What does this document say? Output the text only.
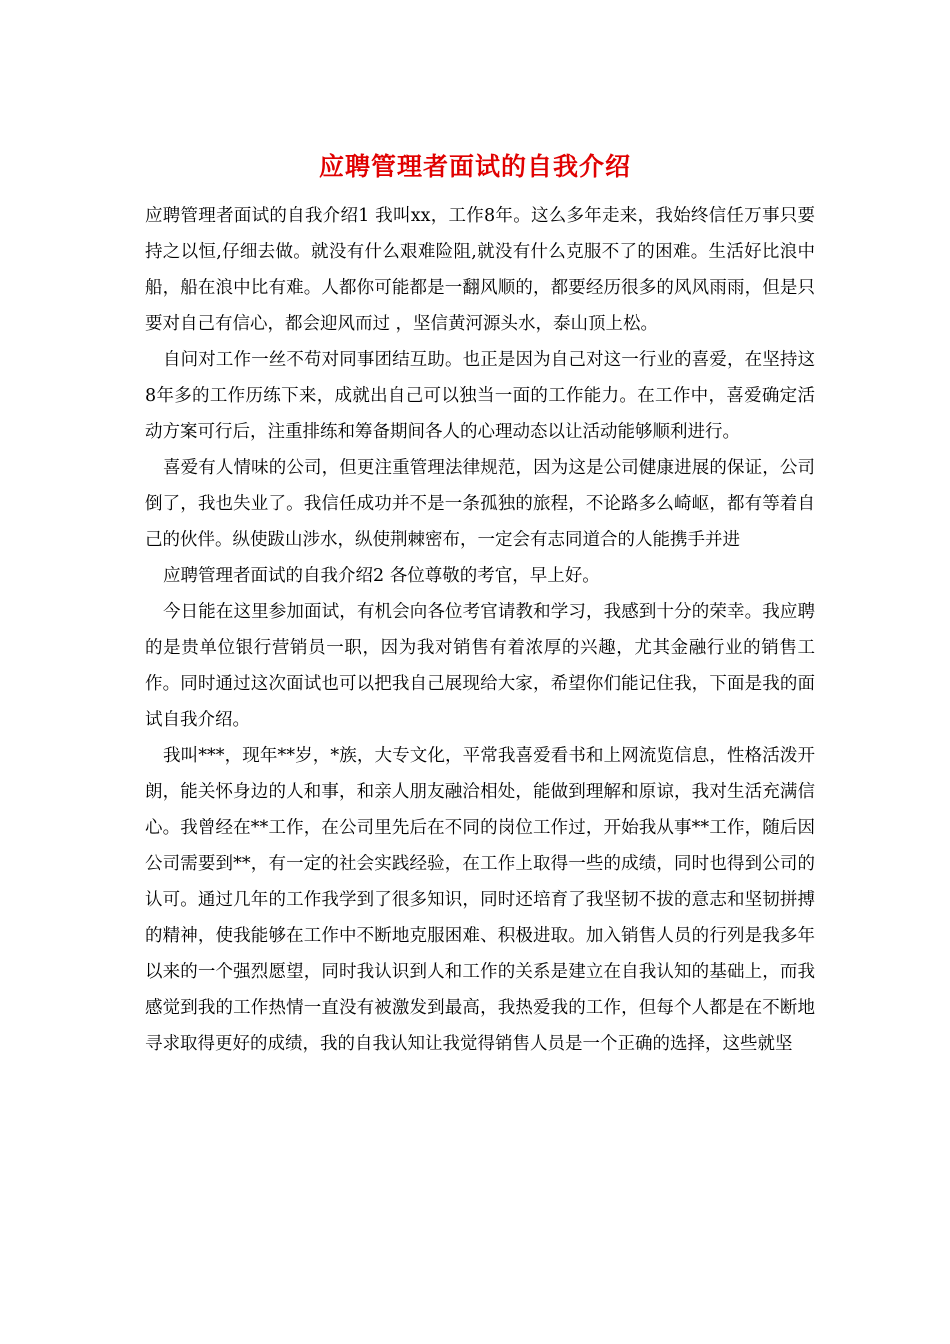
应聘管理者面试的自我介绍

应聘管理者面试的自我介绍1 我叫xx，工作8年。这么多年走来，我始终信任万事只要持之以恒,仔细去做。就没有什么艰难险阻,就没有什么克服不了的困难。生活好比浪中船，船在浪中比有难。人都你可能都是一翻风顺的，都要经历很多的风风雨雨，但是只要对自己有信心，都会迎风而过 ，坚信黄河源头水，泰山顶上松。

自问对工作一丝不苟对同事团结互助。也正是因为自己对这一行业的喜爱，在坚持这8年多的工作历练下来，成就出自己可以独当一面的工作能力。在工作中，喜爱确定活动方案可行后，注重排练和筹备期间各人的心理动态以让活动能够顺利进行。

喜爱有人情味的公司，但更注重管理法律规范，因为这是公司健康进展的保证，公司倒了，我也失业了。我信任成功并不是一条孤独的旅程，不论路多么崎岖，都有等着自己的伙伴。纵使跋山涉水，纵使荆棘密布，一定会有志同道合的人能携手并进

应聘管理者面试的自我介绍2 各位尊敬的考官，早上好。

今日能在这里参加面试，有机会向各位考官请教和学习，我感到十分的荣幸。我应聘的是贵单位银行营销员一职，因为我对销售有着浓厚的兴趣，尤其金融行业的销售工作。同时通过这次面试也可以把我自己展现给大家，希望你们能记住我，下面是我的面试自我介绍。

我叫***，现年**岁，*族，大专文化，平常我喜爱看书和上网流览信息，性格活泼开朗，能关怀身边的人和事，和亲人朋友融洽相处，能做到理解和原谅，我对生活充满信心。我曾经在**工作，在公司里先后在不同的岗位工作过，开始我从事**工作，随后因公司需要到**，有一定的社会实践经验，在工作上取得一些的成绩，同时也得到公司的认可。通过几年的工作我学到了很多知识，同时还培育了我坚韧不拔的意志和坚韧拼搏的精神，使我能够在工作中不断地克服困难、积极进取。加入销售人员的行列是我多年以来的一个强烈愿望，同时我认识到人和工作的关系是建立在自我认知的基础上，而我感觉到我的工作热情一直没有被激发到最高，我热爱我的工作，但每个人都是在不断地寻求取得更好的成绩，我的自我认知让我觉得销售人员是一个正确的选择，这些就坚
